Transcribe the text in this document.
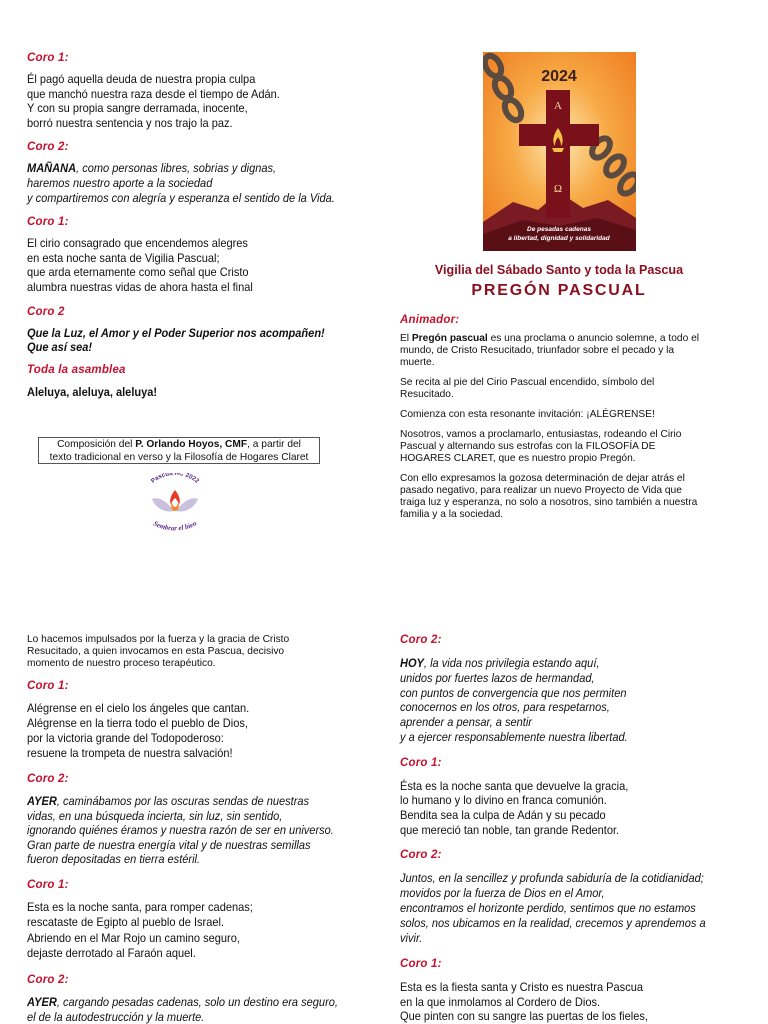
Coro 1:

Él pagó aquella deuda de nuestra propia culpa
que manchó nuestra raza desde el tiempo de Adán.
Y con su propia sangre derramada, inocente,
borró nuestra sentencia y nos trajo la paz.

Coro 2:

MAÑANA, como personas libres, sobrias y dignas,
haremos nuestro aporte a la sociedad
y compartiremos con alegría y esperanza el sentido de la Vida.

Coro 1:

El cirio consagrado que encendemos alegres
en esta noche santa de Vigilia Pascual;
que arda eternamente como señal que Cristo
alumbra nuestras vidas de ahora hasta el final

Coro 2

Que la Luz, el Amor y el Poder Superior nos acompañen!
Que así sea!

Toda la asamblea

Aleluya, aleluya, aleluya!
Composición del P. Orlando Hoyos, CMF, a partir del
texto tradicional en verso y la Filosofía de Hogares Claret
Pascua HC 2022
Sembrar el bien
2024
A
Ω
De pesadas cadenas
a libertad, dignidad y solidaridad
Vigilia del Sábado Santo y toda la Pascua
PREGÓN PASCUAL

Animador:

El Pregón pascual es una proclama o anuncio solemne, a todo el
mundo, de Cristo Resucitado, triunfador sobre el pecado y la
muerte.

Se recita al pie del Cirio Pascual encendido, símbolo del
Resucitado.

Comienza con esta resonante invitación: ¡ALÉGRENSE!

Nosotros, vamos a proclamarlo, entusiastas, rodeando el Cirio
Pascual y alternando sus estrofas con la FILOSOFÍA DE
HOGARES CLARET, que es nuestro propio Pregón.

Con ello expresamos la gozosa determinación de dejar atrás el
pasado negativo, para realizar un nuevo Proyecto de Vida que
traiga luz y esperanza, no solo a nosotros, sino también a nuestra
familia y a la sociedad.

Lo hacemos impulsados por la fuerza y la gracia de Cristo
Resucitado, a quien invocamos en esta Pascua, decisivo
momento de nuestro proceso terapéutico.

Coro 1:

Alégrense en el cielo los ángeles que cantan.
Alégrense en la tierra todo el pueblo de Dios,
por la victoria grande del Todopoderoso:
resuene la trompeta de nuestra salvación!

Coro 2:

AYER, caminábamos por las oscuras sendas de nuestras
vidas, en una búsqueda incierta, sin luz, sin sentido,
ignorando quiénes éramos y nuestra razón de ser en universo.
Gran parte de nuestra energía vital y de nuestras semillas
fueron depositadas en tierra estéril.

Coro 1:

Esta es la noche santa, para romper cadenas;
rescataste de Egipto al pueblo de Israel.
Abriendo en el Mar Rojo un camino seguro,
dejaste derrotado al Faraón aquel.

Coro 2:

AYER, cargando pesadas cadenas, solo un destino era seguro,
el de la autodestrucción y la muerte.

Coro 2:

HOY, la vida nos privilegia estando aquí,
unidos por fuertes lazos de hermandad,
con puntos de convergencia que nos permiten
conocernos en los otros, para respetarnos,
aprender a pensar, a sentir
y a ejercer responsablemente nuestra libertad.

Coro 1:

Ésta es la noche santa que devuelve la gracia,
lo humano y lo divino en franca comunión.
Bendita sea la culpa de Adán y su pecado
que mereció tan noble, tan grande Redentor.

Coro 2:

Juntos, en la sencillez y profunda sabiduría de la cotidianidad;
movidos por la fuerza de Dios en el Amor,
encontramos el horizonte perdido, sentimos que no estamos
solos, nos ubicamos en la realidad, crecemos y aprendemos a
vivir.

Coro 1:

Esta es la fiesta santa y Cristo es nuestra Pascua
en la que inmolamos al Cordero de Dios.
Que pinten con su sangre las puertas de los fieles,
